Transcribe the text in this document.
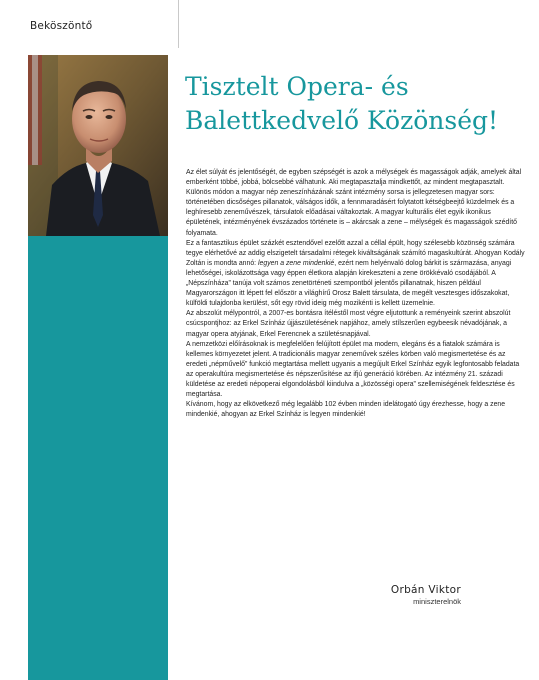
Beköszöntő
Tisztelt Opera- és
Balettkedvelő Közönség!

Az élet súlyát és jelentőségét, de egyben szépségét is azok a mélységek és magasságok adják, amelyek által emberként többé, jobbá, bölcsebbé válhatunk. Aki megtapasztalja mindkettőt, az mindent megtapasztalt.

Különös módon a magyar nép zeneszínházának szánt intézmény sorsa is jellegzetesen magyar sors: történetében dicsőséges pillanatok, válságos idők, a fennmaradásért folytatott kétségbeejtő küzdelmek és a leghíresebb zeneművészek, társulatok előadásai váltakoztak. A magyar kulturális élet egyik ikonikus épületének, intézményének évszázados története is – akárcsak a zene – mélységek és magasságok szédítő folyamata.

Ez a fantasztikus épület százkét esztendővel ezelőtt azzal a céllal épült, hogy szélesebb közönség számára tegye elérhetővé az addig elszigetelt társadalmi rétegek kiváltságának számító magaskultúrát. Ahogyan Kodály Zoltán is mondta annó: legyen a zene mindenkié, ezért nem helyénvaló dolog bárkit is származása, anyagi lehetőségei, iskolázottsága vagy éppen életkora alapján kirekeszteni a zene örökkévaló csodájából. A „Népszínháza” tanúja volt számos zenetörténeti szempontból jelentős pillanatnak, hiszen például Magyarországon itt lépett fel először a világhírű Orosz Balett társulata, de megélt vesztesges időszakokat, külföldi tulajdonba kerülést, sőt egy rövid ideig még mozikénti is kellett üzemelnie.

Az abszolút mélypontról, a 2007-es bontásra ítéléstől most végre eljutottunk a reményeink szerint abszolút csúcspontjhoz: az Erkel Színház újjászületésének napjához, amely stílszerűen egybeesik névadójának, a magyar opera atyjának, Erkel Ferencnek a születésnapjával.

A nemzetközi előírásoknak is megfelelően felújított épület ma modern, elegáns és a fiatalok számára is kellemes környezetet jelent. A tradicionális magyar zeneművek széles körben való megismertetése és az eredeti „népművelő” funkció megtartása mellett ugyanis a megújult Erkel Színház egyik legfontosabb feladata az operakultúra megismertetése és népszerűsítése az ifjú generáció körében. Az intézmény 21. századi küldetése az eredeti népoperai elgondolásból kiindulva a „közösségi opera” szellemiségének feldesztése és megtartása.

Kívánom, hogy az elkövetkező még legalább 102 évben minden idelátogató úgy érezhesse, hogy a zene mindenkié, ahogyan az Erkel Színház is legyen mindenkié!

Orbán Viktor
miniszterelnök
